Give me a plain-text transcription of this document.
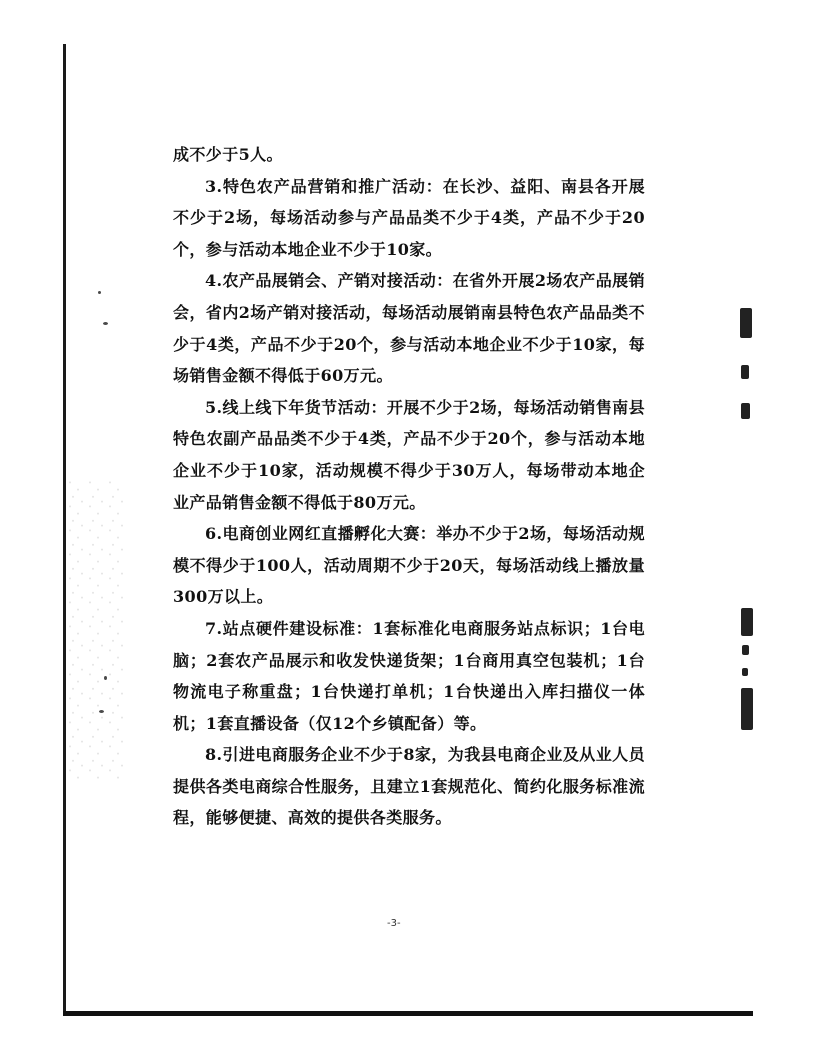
成不少于5人。

3.特色农产品营销和推广活动：在长沙、益阳、南县各开展不少于2场，每场活动参与产品品类不少于4类，产品不少于20个，参与活动本地企业不少于10家。

4.农产品展销会、产销对接活动：在省外开展2场农产品展销会，省内2场产销对接活动，每场活动展销南县特色农产品品类不少于4类，产品不少于20个，参与活动本地企业不少于10家，每场销售金额不得低于60万元。

5.线上线下年货节活动：开展不少于2场，每场活动销售南县特色农副产品品类不少于4类，产品不少于20个，参与活动本地企业不少于10家，活动规模不得少于30万人，每场带动本地企业产品销售金额不得低于80万元。

6.电商创业网红直播孵化大赛：举办不少于2场，每场活动规模不得少于100人，活动周期不少于20天，每场活动线上播放量300万以上。

7.站点硬件建设标准：1套标准化电商服务站点标识；1台电脑；2套农产品展示和收发快递货架；1台商用真空包装机；1台物流电子称重盘；1台快递打单机；1台快递出入库扫描仪一体机；1套直播设备（仅12个乡镇配备）等。

8.引进电商服务企业不少于8家，为我县电商企业及从业人员提供各类电商综合性服务，且建立1套规范化、简约化服务标准流程，能够便捷、高效的提供各类服务。

-3-
